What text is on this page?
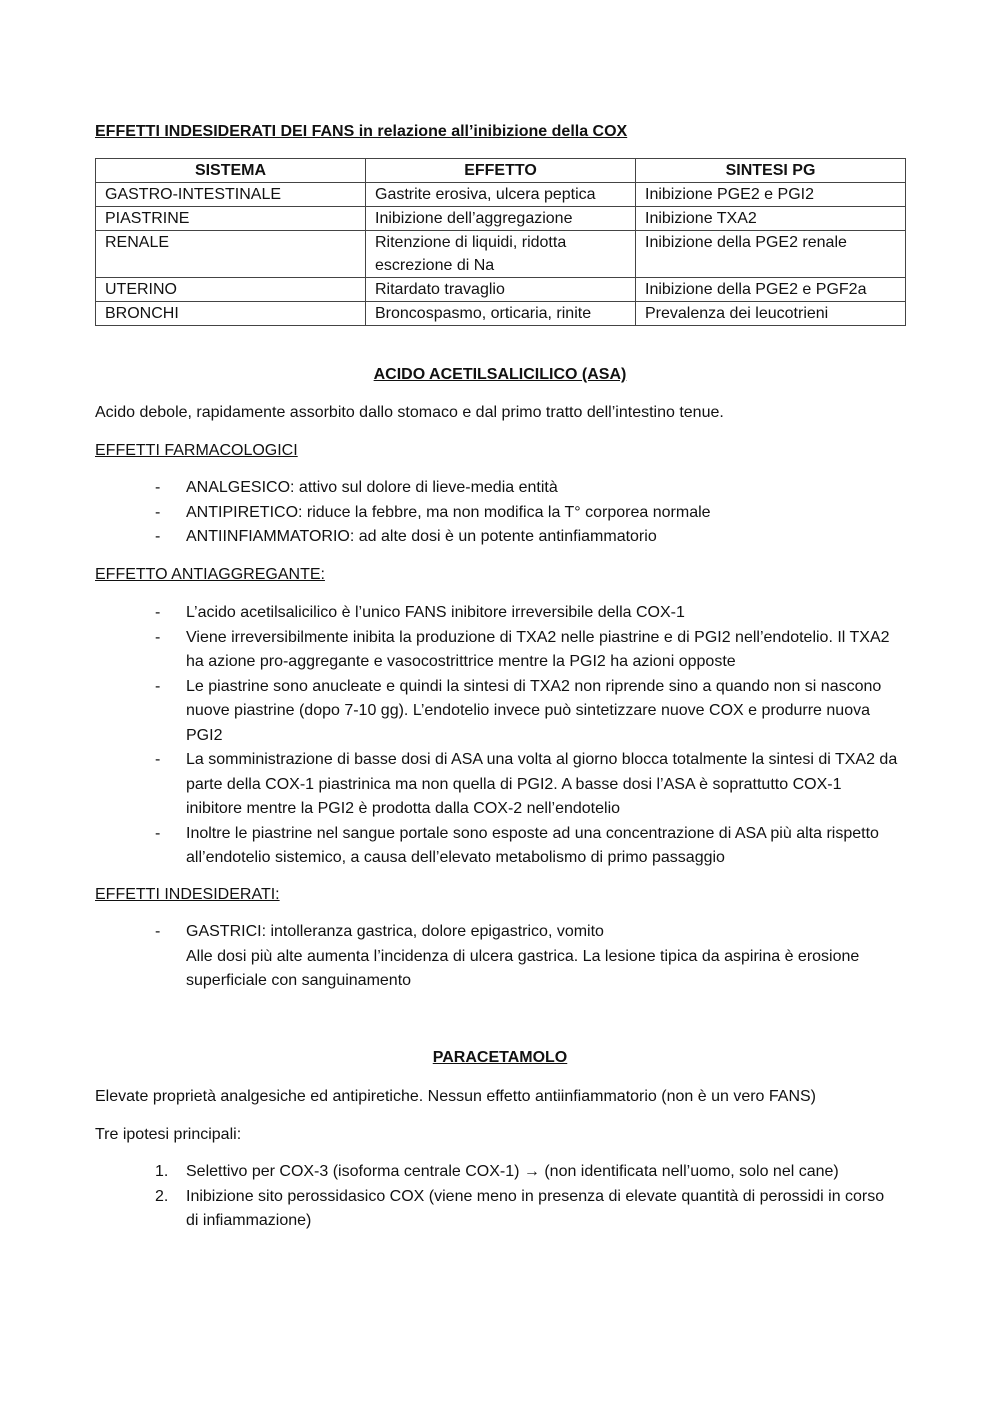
EFFETTI INDESIDERATI DEI FANS in relazione all’inibizione della COX
SISTEMA	EFFETTO	SINTESI PG
GASTRO-INTESTINALE	Gastrite erosiva, ulcera peptica	Inibizione PGE2 e PGI2
PIASTRINE	Inibizione dell’aggregazione	Inibizione TXA2
RENALE	Ritenzione di liquidi, ridotta escrezione di Na	Inibizione della PGE2 renale
UTERINO	Ritardato travaglio	Inibizione della PGE2 e PGF2a
BRONCHI	Broncospasmo, orticaria, rinite	Prevalenza dei leucotrieni
ACIDO ACETILSALICILICO (ASA)
Acido debole, rapidamente assorbito dallo stomaco e dal primo tratto dell’intestino tenue.
EFFETTI FARMACOLOGICI
- ANALGESICO: attivo sul dolore di lieve-media entità
- ANTIPIRETICO: riduce la febbre, ma non modifica la T° corporea normale
- ANTIINFIAMMATORIO: ad alte dosi è un potente antinfiammatorio
EFFETTO ANTIAGGREGANTE:
- L’acido acetilsalicilico è l’unico FANS inibitore irreversibile della COX-1
- Viene irreversibilmente inibita la produzione di TXA2 nelle piastrine e di PGI2 nell’endotelio. Il TXA2 ha azione pro-aggregante e vasocostrittrice mentre la PGI2 ha azioni opposte
- Le piastrine sono anucleate e quindi la sintesi di TXA2 non riprende sino a quando non si nascono nuove piastrine (dopo 7-10 gg). L’endotelio invece può sintetizzare nuove COX e produrre nuova PGI2
- La somministrazione di basse dosi di ASA una volta al giorno blocca totalmente la sintesi di TXA2 da parte della COX-1 piastrinica ma non quella di PGI2. A basse dosi l’ASA è soprattutto COX-1 inibitore mentre la PGI2 è prodotta dalla COX-2 nell’endotelio
- Inoltre le piastrine nel sangue portale sono esposte ad una concentrazione di ASA più alta rispetto all’endotelio sistemico, a causa dell’elevato metabolismo di primo passaggio
EFFETTI INDESIDERATI:
- GASTRICI: intolleranza gastrica, dolore epigastrico, vomito
Alle dosi più alte aumenta l’incidenza di ulcera gastrica. La lesione tipica da aspirina è erosione superficiale con sanguinamento
PARACETAMOLO
Elevate proprietà analgesiche ed antipiretiche. Nessun effetto antiinfiammatorio (non è un vero FANS)
Tre ipotesi principali:
1. Selettivo per COX-3 (isoforma centrale COX-1) → (non identificata nell’uomo, solo nel cane)
2. Inibizione sito perossidasico COX (viene meno in presenza di elevate quantità di perossidi in corso di infiammazione)
